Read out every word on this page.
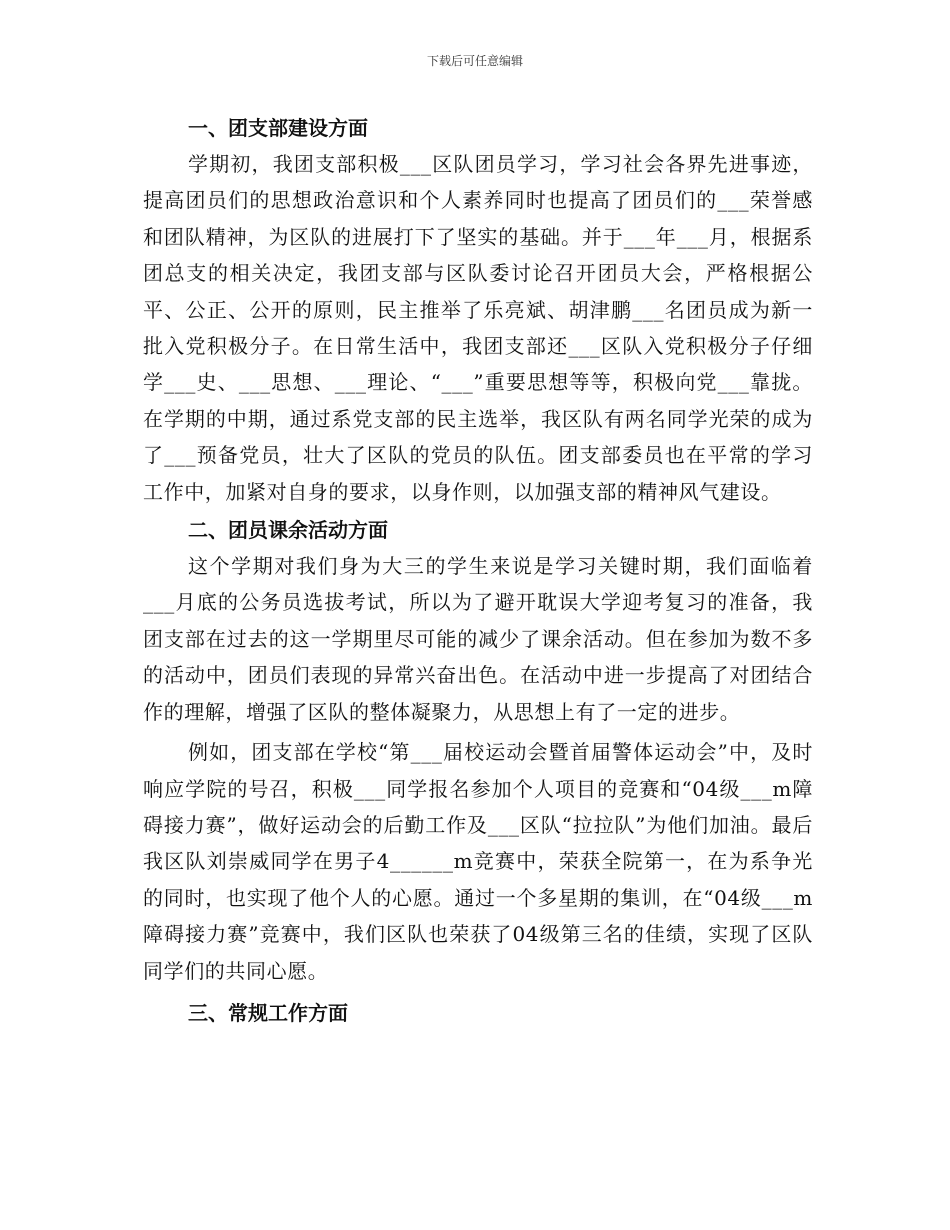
下载后可任意编辑
一、团支部建设方面

学期初，我团支部积极___区队团员学习，学习社会各界先进事迹，提高团员们的思想政治意识和个人素养同时也提高了团员们的___荣誉感和团队精神，为区队的进展打下了坚实的基础。并于___年___月，根据系团总支的相关决定，我团支部与区队委讨论召开团员大会，严格根据公平、公正、公开的原则，民主推举了乐亮斌、胡津鹏___名团员成为新一批入党积极分子。在日常生活中，我团支部还___区队入党积极分子仔细学___史、___思想、___理论、“___”重要思想等等，积极向党___靠拢。在学期的中期，通过系党支部的民主选举，我区队有两名同学光荣的成为了___预备党员，壮大了区队的党员的队伍。团支部委员也在平常的学习工作中，加紧对自身的要求，以身作则，以加强支部的精神风气建设。

二、团员课余活动方面

这个学期对我们身为大三的学生来说是学习关键时期，我们面临着___月底的公务员选拔考试，所以为了避开耽误大学迎考复习的准备，我团支部在过去的这一学期里尽可能的减少了课余活动。但在参加为数不多的活动中，团员们表现的异常兴奋出色。在活动中进一步提高了对团结合作的理解，增强了区队的整体凝聚力，从思想上有了一定的进步。

例如，团支部在学校“第___届校运动会暨首届警体运动会”中，及时响应学院的号召，积极___同学报名参加个人项目的竞赛和“04级___m障碍接力赛”，做好运动会的后勤工作及___区队“拉拉队”为他们加油。最后我区队刘崇威同学在男子4______m竞赛中，荣获全院第一，在为系争光的同时，也实现了他个人的心愿。通过一个多星期的集训，在“04级___m障碍接力赛”竞赛中，我们区队也荣获了04级第三名的佳绩，实现了区队同学们的共同心愿。

三、常规工作方面
